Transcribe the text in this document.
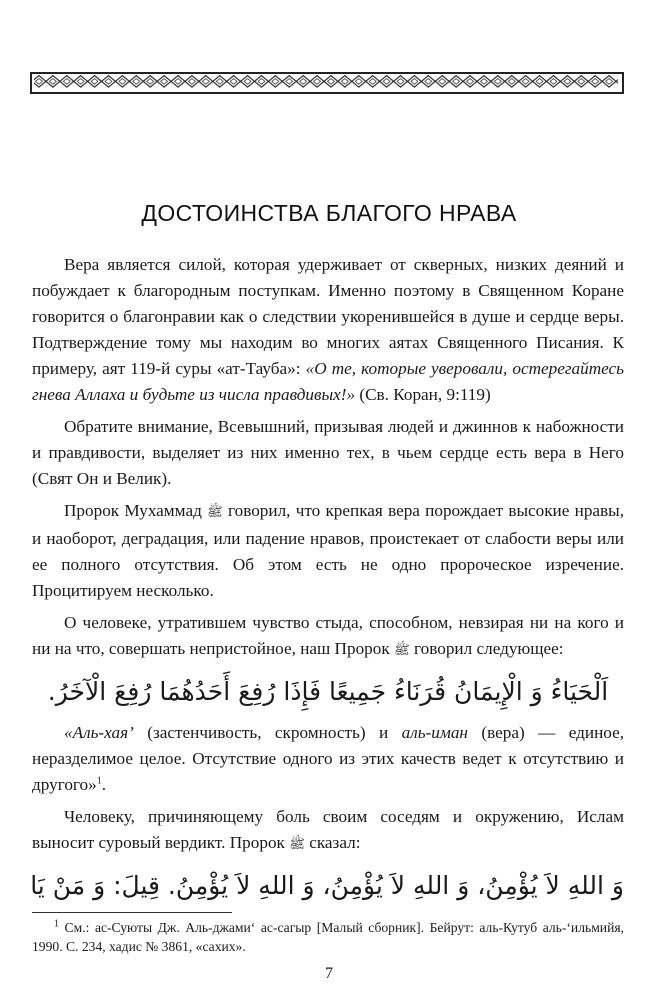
ДОСТОИНСТВА БЛАГОГО НРАВА

Вера является силой, которая удерживает от скверных, низких деяний и побуждает к благородным поступкам. Именно поэтому в Священном Коране говорится о благонравии как о следствии укоренившейся в душе и сердце веры. Подтверждение тому мы находим во многих аятах Священного Писания. К примеру, аят 119-й суры «ат-Тауба»: «О те, которые уверовали, остерегайтесь гнева Аллаха и будьте из числа правдивых!» (Св. Коран, 9:119)

Обратите внимание, Всевышний, призывая людей и джиннов к набожности и правдивости, выделяет из них именно тех, в чьем сердце есть вера в Него (Свят Он и Велик).

Пророк Мухаммад ﷺ говорил, что крепкая вера порождает высокие нравы, и наоборот, деградация, или падение нравов, проистекает от слабости веры или ее полного отсутствия. Об этом есть не одно пророческое изречение. Процитируем несколько.

О человеке, утратившем чувство стыда, способном, невзирая ни на кого и ни на что, совершать непристойное, наш Пророк ﷺ говорил следующее:

اَلْحَيَاءُ وَ الْإِيمَانُ قُرَنَاءُ جَمِيعًا فَإِذَا رُفِعَ أَحَدُهُمَا رُفِعَ الْآخَرُ.

«Аль-хая’ (застенчивость, скромность) и аль-иман (вера) — единое, неразделимое целое. Отсутствие одного из этих качеств ведет к отсутствию и другого»$^1$.

Человеку, причиняющему боль своим соседям и окружению, Ислам выносит суровый вердикт. Пророк ﷺ сказал:

وَ اللهِ لاَ يُؤْمِنُ، وَ اللهِ لاَ يُؤْمِنُ، وَ اللهِ لاَ يُؤْمِنُ. قِيلَ: وَ مَنْ يَا
$^1$ См.: ас-Суюты Дж. Аль-джами‘ ас-сагыр [Малый сборник]. Бейрут: аль-Кутуб аль-‘ильмийя, 1990. С. 234, хадис № 3861, «сахих».
7
